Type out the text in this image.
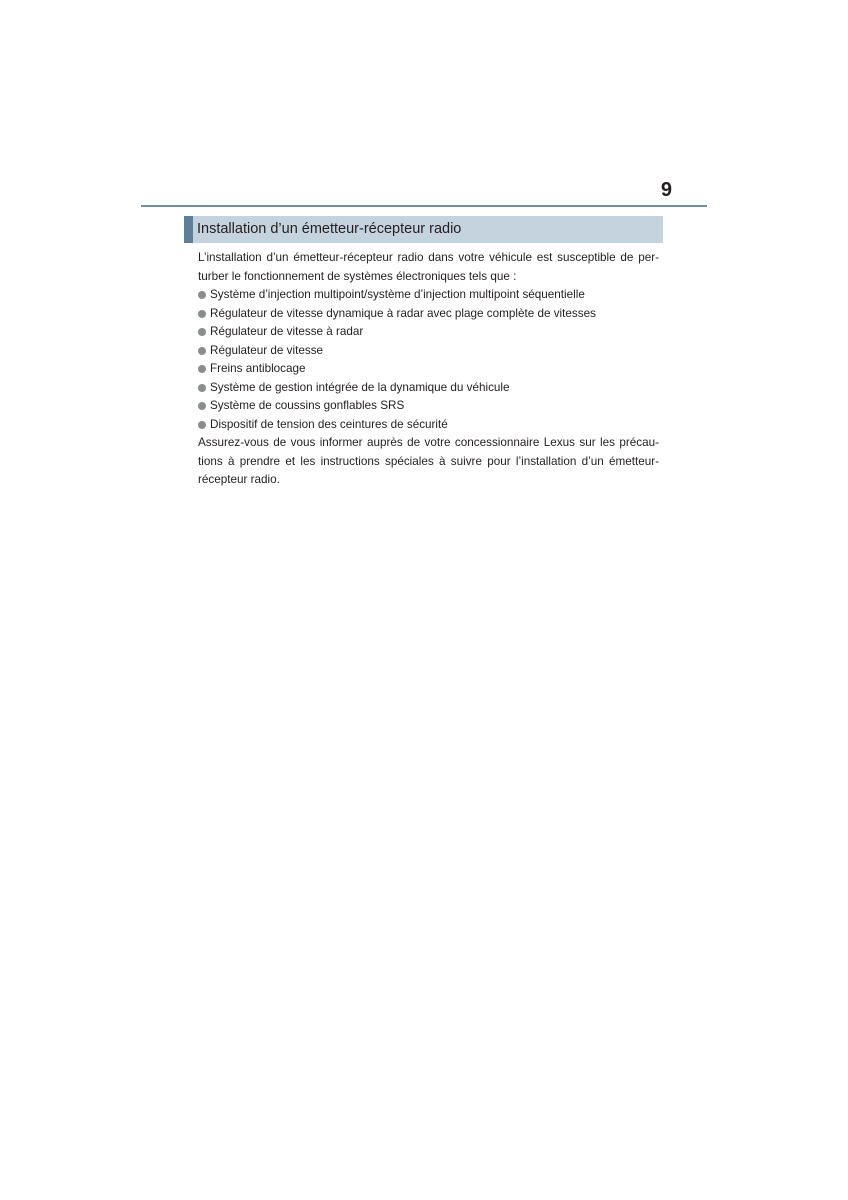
9
Installation d’un émetteur-récepteur radio

L’installation d’un émetteur-récepteur radio dans votre véhicule est susceptible de per-
turber le fonctionnement de systèmes électroniques tels que :

Système d’injection multipoint/système d’injection multipoint séquentielle
Régulateur de vitesse dynamique à radar avec plage complète de vitesses
Régulateur de vitesse à radar
Régulateur de vitesse
Freins antiblocage
Système de gestion intégrée de la dynamique du véhicule
Système de coussins gonflables SRS
Dispositif de tension des ceintures de sécurité

Assurez-vous de vous informer auprès de votre concessionnaire Lexus sur les précau-
tions à prendre et les instructions spéciales à suivre pour l’installation d’un émetteur-
récepteur radio.
